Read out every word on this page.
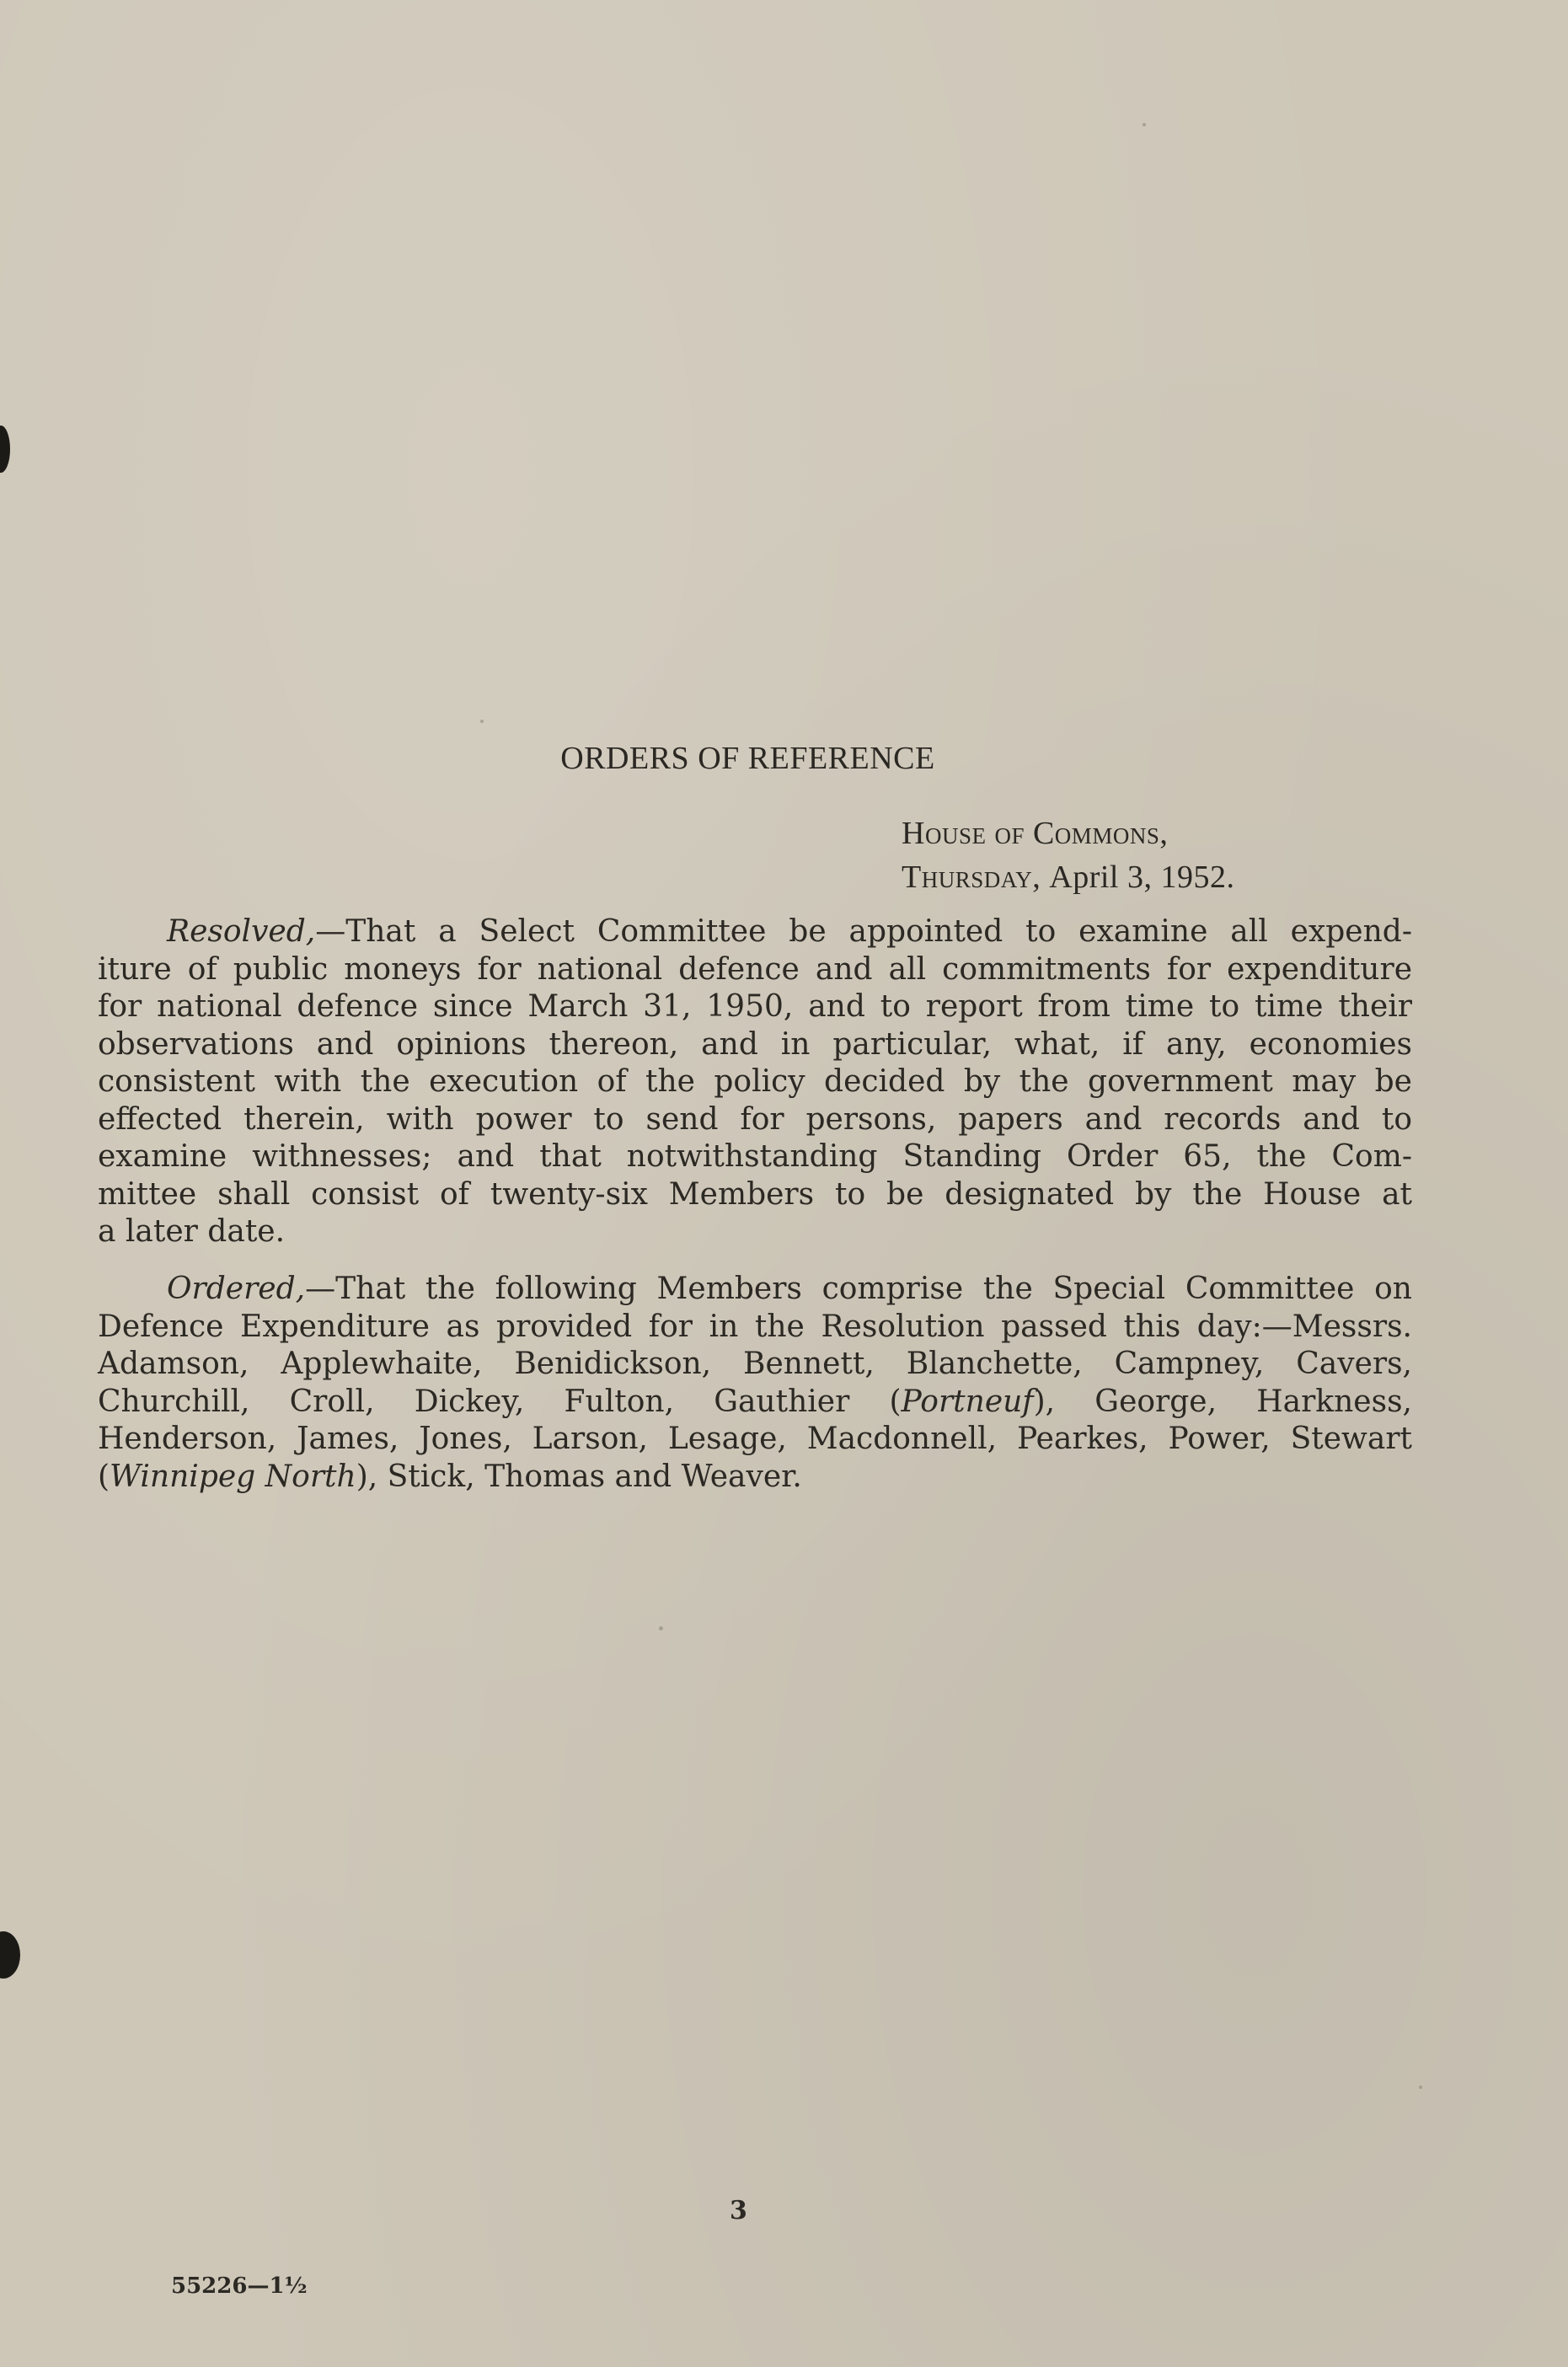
ORDERS OF REFERENCE
House of Commons,
Thursday, April 3, 1952.
Resolved,—That a Select Committee be appointed to examine all expend-
iture of public moneys for national defence and all commitments for expenditure
for national defence since March 31, 1950, and to report from time to time their
observations and opinions thereon, and in particular, what, if any, economies
consistent with the execution of the policy decided by the government may be
effected therein, with power to send for persons, papers and records and to
examine withnesses; and that notwithstanding Standing Order 65, the Com-
mittee shall consist of twenty-six Members to be designated by the House at
a later date.
Ordered,—That the following Members comprise the Special Committee on
Defence Expenditure as provided for in the Resolution passed this day:—Messrs.
Adamson, Applewhaite, Benidickson, Bennett, Blanchette, Campney, Cavers,
Churchill, Croll, Dickey, Fulton, Gauthier (Portneuf), George, Harkness,
Henderson, James, Jones, Larson, Lesage, Macdonnell, Pearkes, Power, Stewart
(Winnipeg North), Stick, Thomas and Weaver.
3
55226—1½
